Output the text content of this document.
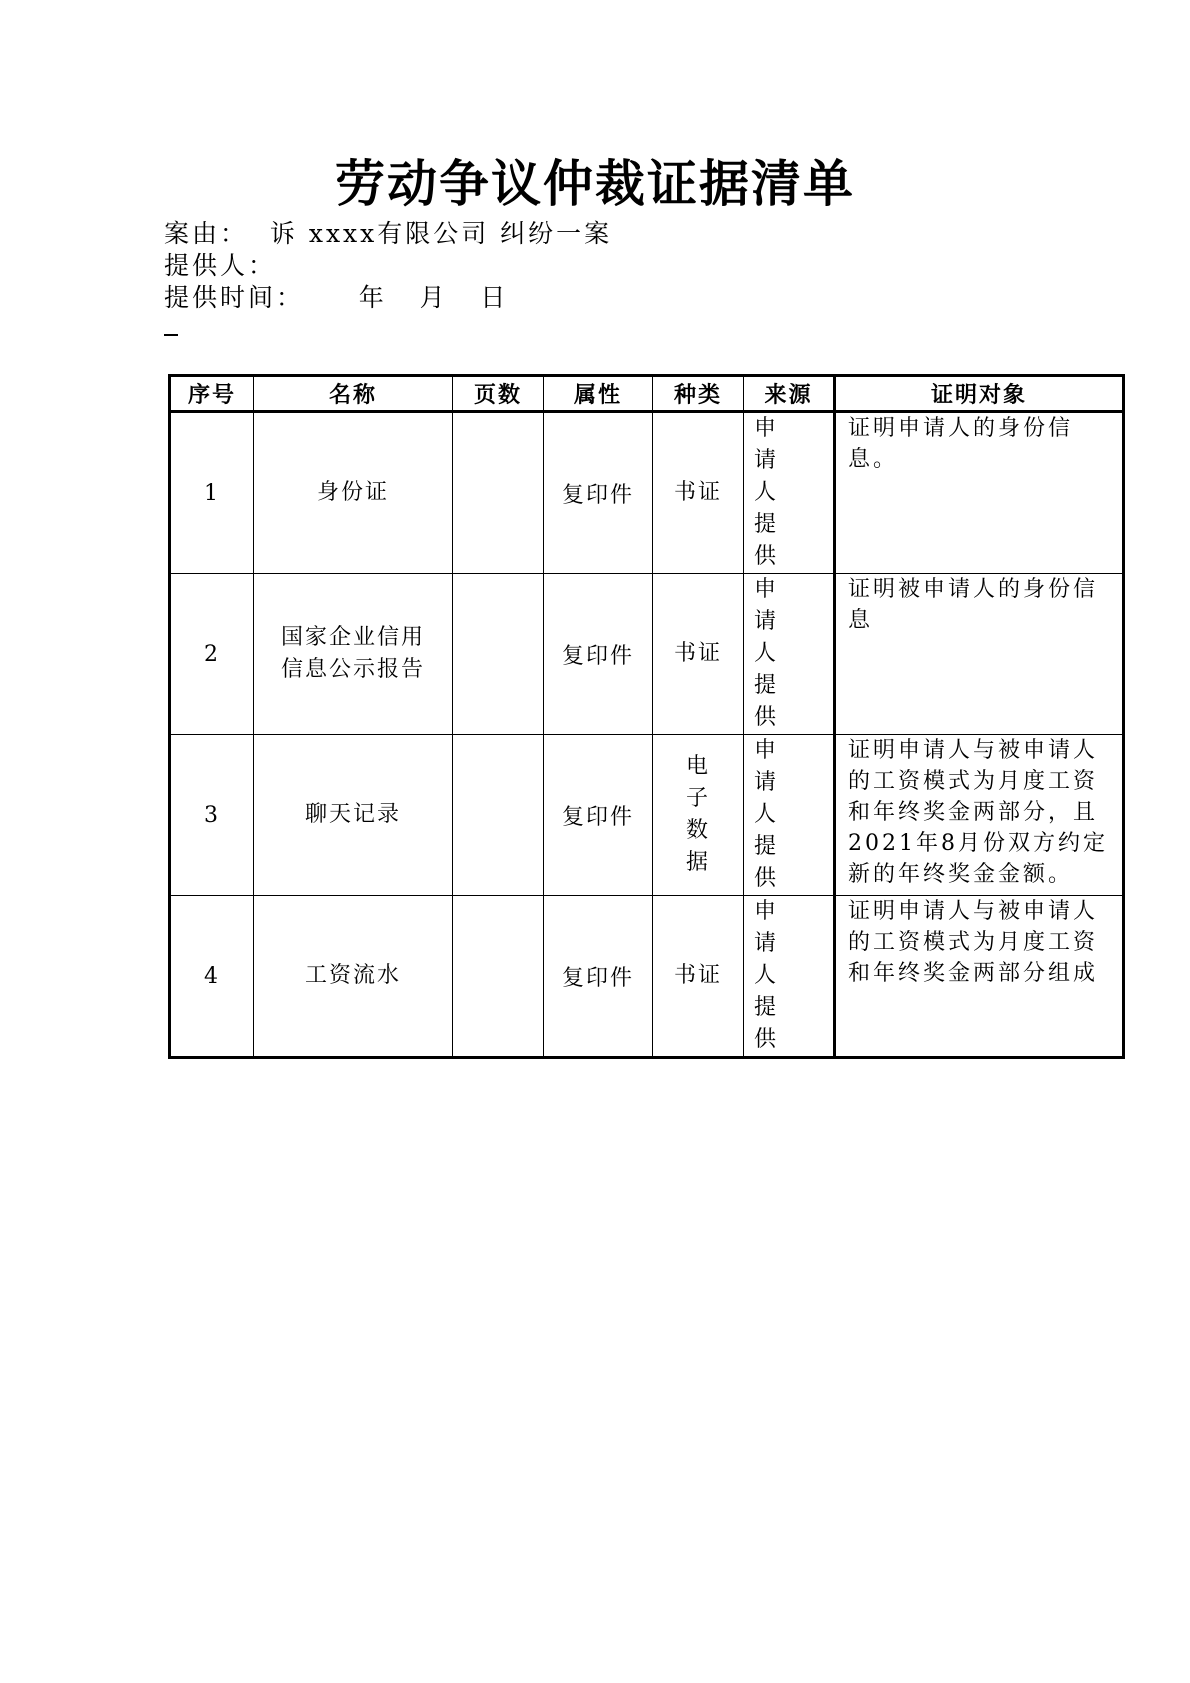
劳动争议仲裁证据清单
案由：  诉 xxxx有限公司 纠纷一案
提供人：
提供时间：     年   月   日
序号	名称	页数	属性	种类	来源	证明对象
1	身份证		复印件	书证	申　请
人　提
供	证明申请人的身份信息。
2	国家企业信用信息公示报告		复印件	书证	申　请
人　提
供	证明被申请人的身份信息
3	聊天记录		复印件	电子数据	申　请
人　提
供	证明申请人与被申请人的工资模式为月度工资和年终奖金两部分，且2021年8月份双方约定新的年终奖金金额。
4	工资流水		复印件	书证	申　请
人　提
供	证明申请人与被申请人的工资模式为月度工资和年终奖金两部分组成
